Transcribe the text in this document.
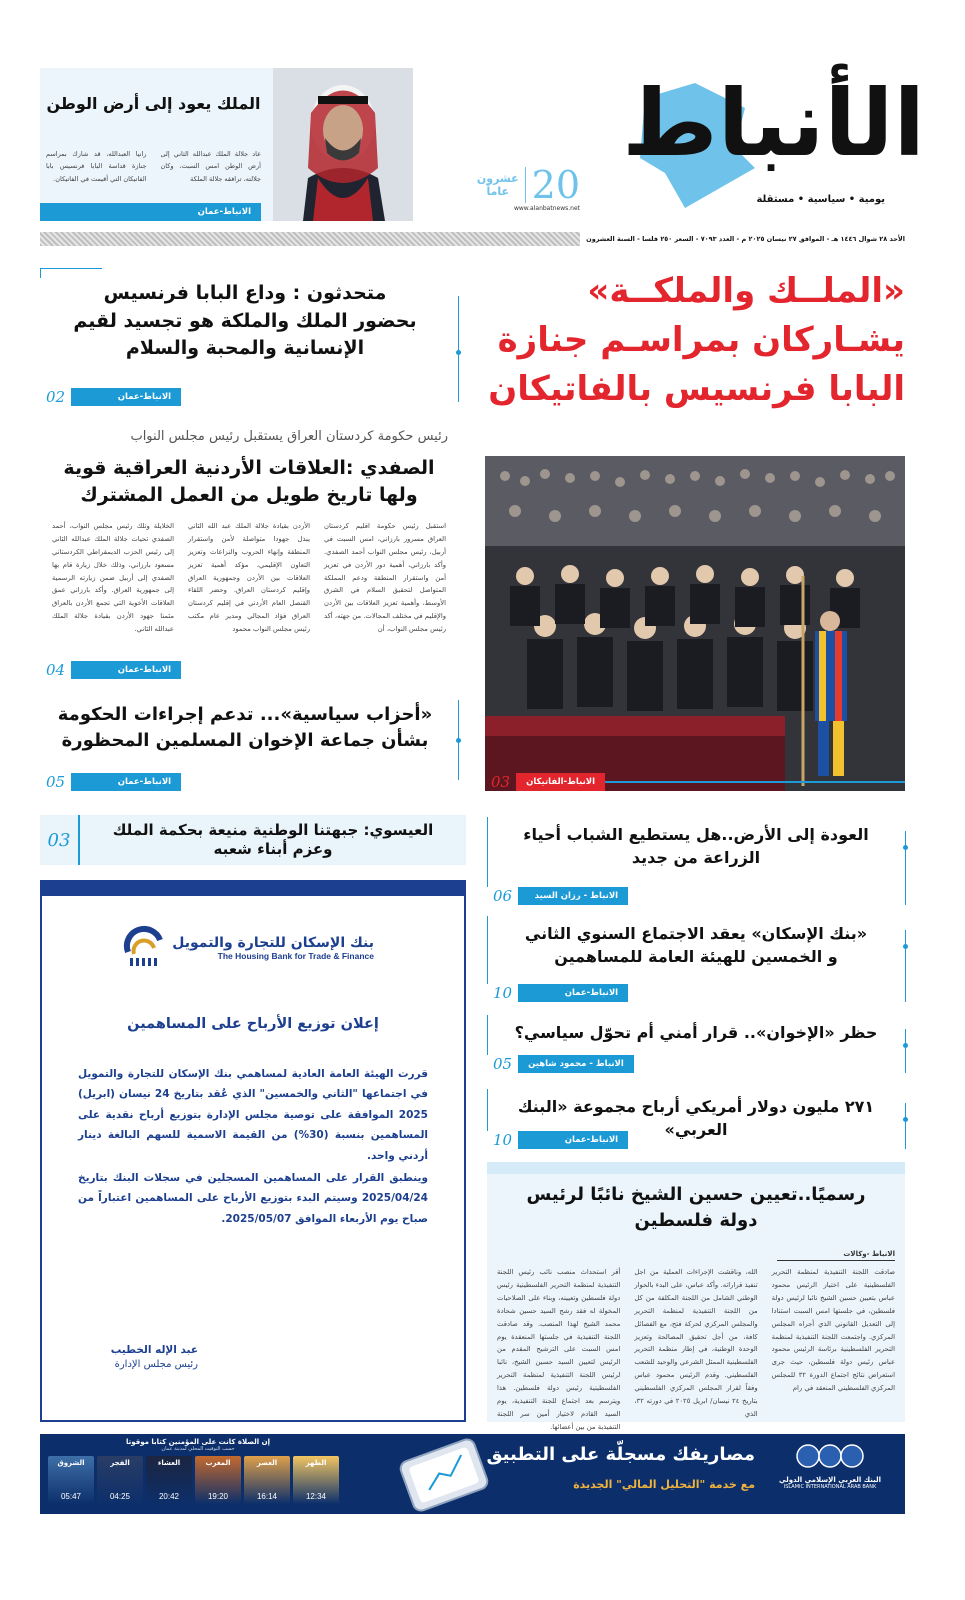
الأنباط
يومية • سياسية • مستقلة
عشرون
عاماً 20
www.alanbatnews.net
الملك يعود إلى أرض الوطن
عاد جلالة الملك عبدالله الثاني إلى أرض الوطن امس السبت، وكان جلالته، ترافقه جلالة الملكة
رانيا العبدالله، قد شارك بمراسم جنازة قداسة البابا فرنسيس بابا الفاتيكان التي أقيمت في الفاتيكان.
الانباط-عمان
الأحد ٢٨ شوال ١٤٤٦ هـ - الموافق ٢٧ نيسان ٢٠٢٥ م - العدد ٧٠٩٣ - السعر ٢٥٠ فلسا - السنة العشرون
«الملــك والملكــة»
يشـاركان بمراسـم جنازة
البابا فرنسيس بالفاتيكان
03	الانباط-الفاتيكان
متحدثون : وداع البابا فرنسيس
بحضور الملك والملكة هو تجسيد لقيم
الإنسانية والمحبة والسلام
02	الانباط-عمان
رئيس حكومة كردستان العراق يستقبل رئيس مجلس النواب
الصفدي :العلاقات الأردنية العراقية قوية
ولها تاريخ طويل من العمل المشترك
استقبل رئيس حكومة اقليم كردستان العراق مسرور بارزاني، امس السبت في أربيل، رئيس مجلس النواب أحمد الصفدي. وأكد بارزاني، أهمية دور الأردن في تعزيز أمن واستقرار المنطقة ودعم المملكة المتواصل لتحقيق السلام في الشرق الأوسط، وأهمية تعزيز العلاقات بين الأردن والإقليم في مختلف المجالات. من جهته، أكد رئيس مجلس النواب، أن
الأردن بقيادة جلالة الملك عبد الله الثاني يبذل جهودا متواصلة لأمن واستقرار المنطقة وإنهاء الحروب والنزاعات وتعزيز التعاون الإقليمي، مؤكد أهمية تعزيز العلاقات بين الأردن وجمهورية العراق وإقليم كردستان العراق. وحضر اللقاء القنصل العام الأردني في إقليم كردستان العراق فؤاد المجالي ومدير عام مكتب رئيس مجلس النواب محمود
الخلايلة وتلك رئيس مجلس النواب، أحمد الصفدي تحيات جلالة الملك عبدالله الثاني إلى رئيس الحزب الديمقراطي الكردستاني مسعود بارزاني، وذلك خلال زيارة قام بها الصفدي إلى أربيل ضمن زيارته الرسمية إلى جمهورية العراق. وأكد بارزاني عمق العلاقات الأخوية التي تجمع الأردن بالعراق مثمنا جهود الأردن بقيادة جلالة الملك عبدالله الثاني.
04	الانباط-عمان
«أحزاب سياسية»... تدعم إجراءات الحكومة
بشأن جماعة الإخوان المسلمين المحظورة
05	الانباط-عمان
03	العيسوي: جبهتنا الوطنية منيعة بحكمة الملك
وعزم أبناء شعبه
بنك الإسكان للتجارة والتمويل
The Housing Bank for Trade & Finance
إعلان توزيع الأرباح على المساهمين
قررت الهيئة العامة العادية لمساهمي بنك الإسكان للتجارة والتمويل في اجتماعها "الثاني والخمسين" الذي عُقد بتاريخ 24 نيسان (ابريل) 2025 الموافقة على توصية مجلس الإدارة بتوزيع أرباح نقدية على المساهمين بنسبة (30%) من القيمة الاسمية للسهم البالغة دينار أردني واحد.
وينطبق القرار على المساهمين المسجلين في سجلات البنك بتاريخ 2025/04/24 وسيتم البدء بتوزيع الأرباح على المساهمين اعتباراً من صباح يوم الأربعاء الموافق 2025/05/07.
عبد الإله الخطيب
رئيس مجلس الإدارة
العودة إلى الأرض..هل يستطيع الشباب أحياء
الزراعة من جديد
06	الانباط - رزان السيد
«بنك الإسكان» يعقد الاجتماع السنوي الثاني
و الخمسين للهيئة العامة للمساهمين
10	الانباط-عمان
حظر «الإخوان».. قرار أمني أم تحوّل سياسي؟
05	الانباط - محمود شاهين
٢٧١ مليون دولار أمريكي أرباح مجموعة «البنك العربي»
10	الانباط-عمان
رسميًا..تعيين حسين الشيخ نائبًا لرئيس
دولة فلسطين
الانباط -وكالات
صادقت اللجنة التنفيذية لمنظمة التحرير الفلسطينية على اختيار الرئيس محمود عباس بتعيين حسين الشيخ نائبا لرئيس دولة فلسطين، في جلستها امس السبت استنادا إلى التعديل القانوني الذي أجراه المجلس المركزي. واجتمعت اللجنة التنفيذية لمنظمة التحرير الفلسطينية برئاسة الرئيس محمود عباس رئيس دولة فلسطين، حيث جرى استعراض نتائج اجتماع الدورة ٣٢ للمجلس المركزي الفلسطيني المنعقد في رام
الله، وناقشت الإجراءات العملية من اجل تنفيذ قراراته. وأكد عباس، على البدء بالحوار الوطني الشامل من اللجنة المكلفة من كل من اللجنة التنفيذية لمنظمة التحرير والمجلس المركزي لحركة فتح، مع الفصائل كافة، من أجل تحقيق المصالحة وتعزيز الوحدة الوطنية، في إطار منظمة التحرير الفلسطينية الممثل الشرعي والوحيد للشعب الفلسطيني. وقدم الرئيس محمود عباس وفقاً لقرار المجلس المركزي الفلسطيني بتاريخ ٢٤ نيسان/ ابريل ٢٠٢٥ في دورته ٣٢، الذي
أقر استحداث منصب نائب رئيس اللجنة التنفيذية لمنظمة التحرير الفلسطينية رئيس دولة فلسطين وتعيينه، وبناء على الصلاحيات المخولة له فقد رشح السيد حسين شحادة محمد الشيخ لهذا المنصب. وقد صادقت اللجنة التنفيذية في جلستها المنعقدة يوم امس السبت على الترشيح المقدم من الرئيس لتعيين السيد حسين الشيخ، نائبا لرئيس اللجنة التنفيذية لمنظمة التحرير الفلسطينية رئيس دولة فلسطين. هذا ويترسم بعد اجتماع للجنة التنفيذية، يوم السيد القادم لاختيار أمين سر اللجنة التنفيذية من بين أعضائها.
إن الصلاة كانت على المؤمنين كتابا موقوتا
حسب التوقيت المحلي لمدينة عمان
الشروق
05:47
الفجر
04:25
العشاء
20:42
المغرب
19:20
العصر
16:14
الظهر
12:34
مصاريفك مسجلّة على التطبيق
مع خدمة "التحليل المالي" الجديدة	البنك العربي الإسلامي الدولي
ISLAMIC INTERNATIONAL ARAB BANK
